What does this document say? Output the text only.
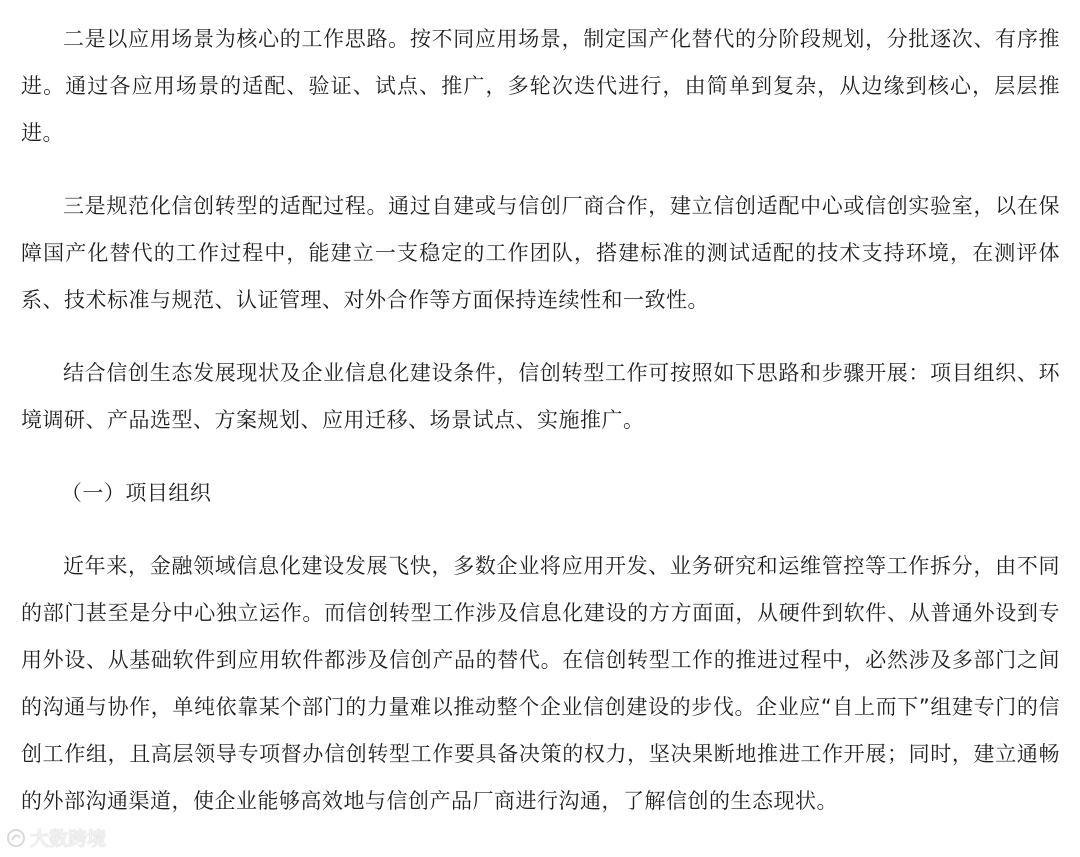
二是以应用场景为核心的工作思路。按不同应用场景，制定国产化替代的分阶段规划，分批逐次、有序推进。通过各应用场景的适配、验证、试点、推广，多轮次迭代进行，由简单到复杂，从边缘到核心，层层推进。

三是规范化信创转型的适配过程。通过自建或与信创厂商合作，建立信创适配中心或信创实验室，以在保障国产化替代的工作过程中，能建立一支稳定的工作团队，搭建标准的测试适配的技术支持环境，在测评体系、技术标准与规范、认证管理、对外合作等方面保持连续性和一致性。

结合信创生态发展现状及企业信息化建设条件，信创转型工作可按照如下思路和步骤开展：项目组织、环境调研、产品选型、方案规划、应用迁移、场景试点、实施推广。

（一）项目组织

近年来，金融领域信息化建设发展飞快，多数企业将应用开发、业务研究和运维管控等工作拆分，由不同的部门甚至是分中心独立运作。而信创转型工作涉及信息化建设的方方面面，从硬件到软件、从普通外设到专用外设、从基础软件到应用软件都涉及信创产品的替代。在信创转型工作的推进过程中，必然涉及多部门之间的沟通与协作，单纯依靠某个部门的力量难以推动整个企业信创建设的步伐。企业应“自上而下”组建专门的信创工作组，且高层领导专项督办信创转型工作要具备决策的权力，坚决果断地推进工作开展；同时，建立通畅的外部沟通渠道，使企业能够高效地与信创产品厂商进行沟通，了解信创的生态现状。

大数跨境
